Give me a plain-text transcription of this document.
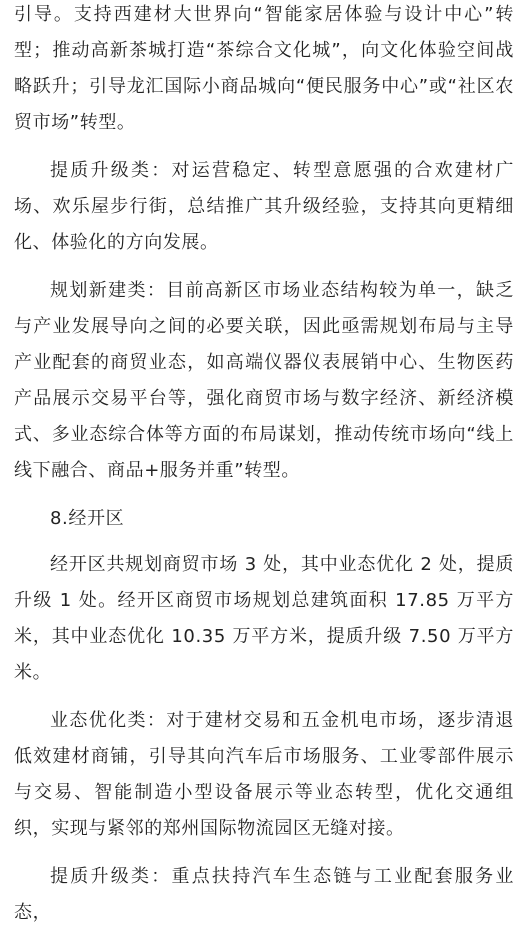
引导。支持西建材大世界向“智能家居体验与设计中心”转型；推动高新茶城打造“茶综合文化城”，向文化体验空间战略跃升；引导龙汇国际小商品城向“便民服务中心”或“社区农贸市场”转型。

提质升级类：对运营稳定、转型意愿强的合欢建材广场、欢乐屋步行街，总结推广其升级经验，支持其向更精细化、体验化的方向发展。

规划新建类：目前高新区市场业态结构较为单一，缺乏与产业发展导向之间的必要关联，因此亟需规划布局与主导产业配套的商贸业态，如高端仪器仪表展销中心、生物医药产品展示交易平台等，强化商贸市场与数字经济、新经济模式、多业态综合体等方面的布局谋划，推动传统市场向“线上线下融合、商品+服务并重”转型。

8.经开区

经开区共规划商贸市场 3 处，其中业态优化 2 处，提质升级 1 处。经开区商贸市场规划总建筑面积 17.85 万平方米，其中业态优化 10.35 万平方米，提质升级 7.50 万平方米。

业态优化类：对于建材交易和五金机电市场，逐步清退低效建材商铺，引导其向汽车后市场服务、工业零部件展示与交易、智能制造小型设备展示等业态转型，优化交通组织，实现与紧邻的郑州国际物流园区无缝对接。

提质升级类：重点扶持汽车生态链与工业配套服务业态，
